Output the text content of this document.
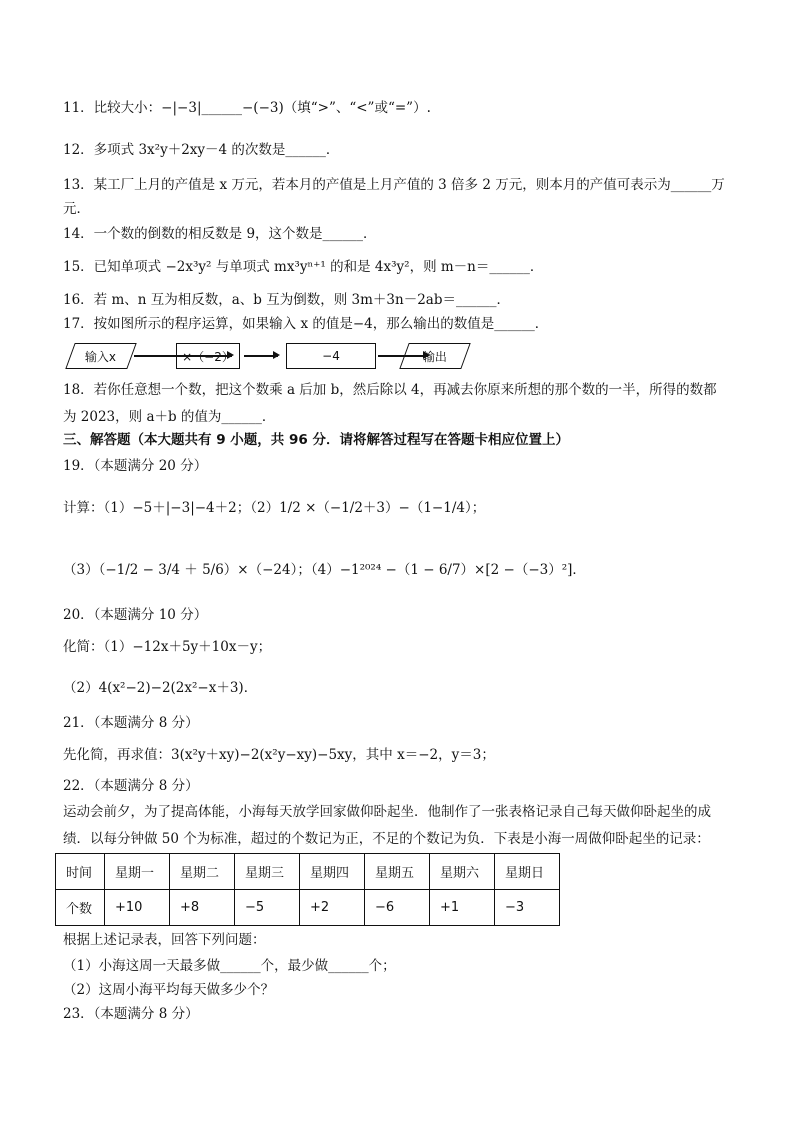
11．比较大小：−|−3|______−(−3)（填“>”、“<”或“=”）.
12．多项式 3x²y＋2xy－4 的次数是______．
13．某工厂上月的产值是 x 万元，若本月的产值是上月产值的 3 倍多 2 万元，则本月的产值可表示为______万
元．
14．一个数的倒数的相反数是 9，这个数是______．
15．已知单项式 −2x³y² 与单项式 mx³yⁿ⁺¹ 的和是 4x³y²，则 m－n＝______．
16．若 m、n 互为相反数，a、b 互为倒数，则 3m＋3n－2ab＝______．
17．按如图所示的程序运算，如果输入 x 的值是−4，那么输出的数值是______．
输入x	×（−2）	−4	输出
18．若你任意想一个数，把这个数乘 a 后加 b，然后除以 4，再减去你原来所想的那个数的一半，所得的数都
为 2023，则 a＋b 的值为______．
三、解答题（本大题共有 9 小题，共 96 分．请将解答过程写在答题卡相应位置上）
19．（本题满分 20 分）
计算：（1）−5＋|−3|−4＋2；（2）1/2 ×（−1/2＋3）−（1−1/4）；
（3）（−1/2 − 3/4 ＋ 5/6）×（−24）；（4）−1²⁰²⁴ −（1 − 6/7）×[2 −（−3）²]．
20．（本题满分 10 分）
化简：（1）−12x＋5y＋10x－y；
（2）4(x²−2)−2(2x²−x＋3)．
21．（本题满分 8 分）
先化简，再求值：3(x²y＋xy)−2(x²y−xy)−5xy，其中 x＝−2，y＝3；
22．（本题满分 8 分）
运动会前夕，为了提高体能，小海每天放学回家做仰卧起坐．他制作了一张表格记录自己每天做仰卧起坐的成
绩．以每分钟做 50 个为标准，超过的个数记为正，不足的个数记为负．下表是小海一周做仰卧起坐的记录：
时间	星期一	星期二	星期三	星期四	星期五	星期六	星期日
个数	+10	+8	−5	+2	−6	+1	−3
根据上述记录表，回答下列问题：
（1）小海这周一天最多做______个，最少做______个；
（2）这周小海平均每天做多少个？
23．（本题满分 8 分）
